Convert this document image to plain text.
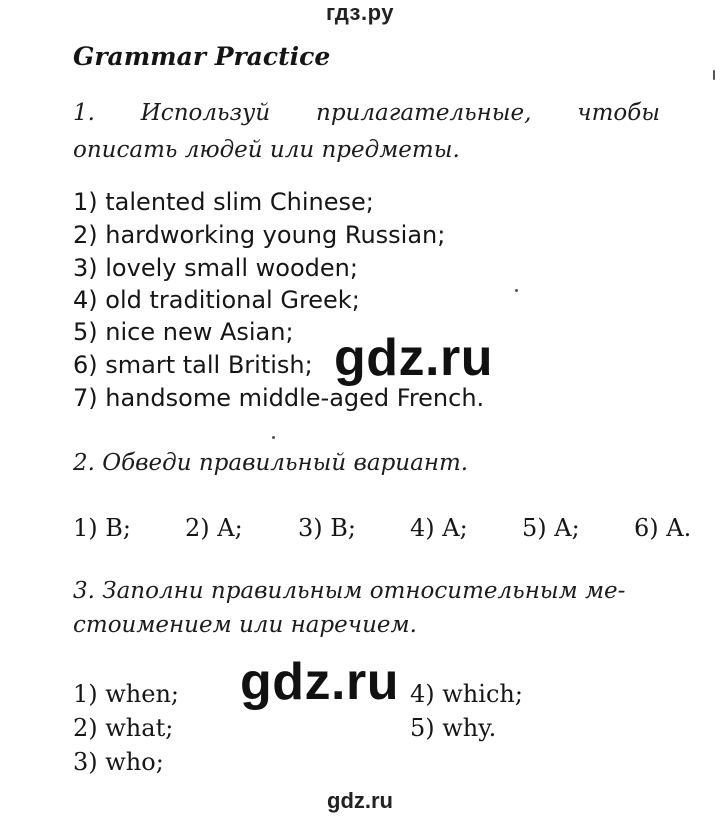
гдз.ру
Grammar Practice
1. Используй прилагательные, чтобы
описать людей или предметы.
1) talented slim Chinese;
2) hardworking young Russian;
3) lovely small wooden;
4) old traditional Greek;
5) nice new Asian;
6) smart tall British;
7) handsome middle-aged French.
gdz.ru
2. Обведи правильный вариант.
1) B; 2) A; 3) B; 4) A; 5) A; 6) A.
3. Заполни правильным относительным ме-
стоимением или наречием.
1) when;
2) what;
3) who;
4) which;
5) why.
gdz.ru
gdz.ru
